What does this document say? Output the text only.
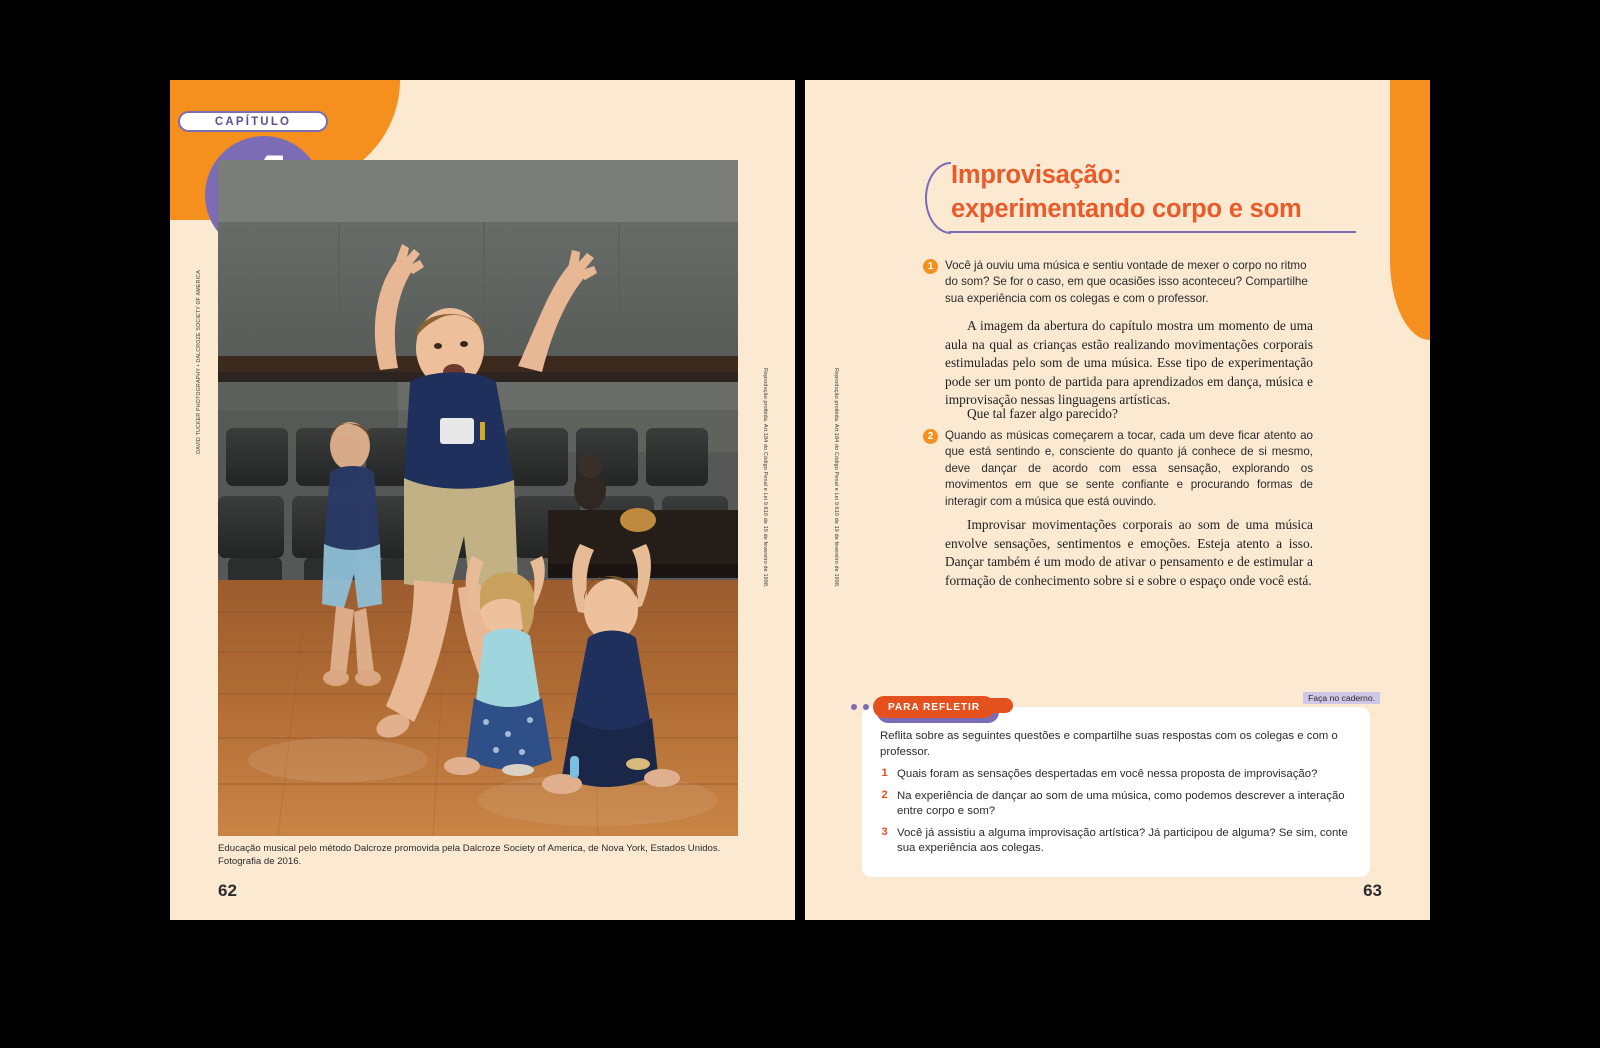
CAPÍTULO
DAVID TUCKER PHOTOGRAPHY • DALCROZE SOCIETY OF AMERICA
Educação musical pelo método Dalcroze promovida pela Dalcroze Society of America, de Nova York, Estados Unidos. Fotografia de 2016.
62
Reprodução proibida. Art.184 do Código Penal e Lei 9.610 de 19 de fevereiro de 1998.	Reprodução proibida. Art.184 do Código Penal e Lei 9.610 de 19 de fevereiro de 1998.
Improvisação:
experimentando corpo e som
1	Você já ouviu uma música e sentiu vontade de mexer o corpo no ritmo do som? Se for o caso, em que ocasiões isso aconteceu? Compartilhe sua experiência com os colegas e com o professor.
A imagem da abertura do capítulo mostra um momento de uma aula na qual as crianças estão realizando movimentações corporais estimuladas pelo som de uma música. Esse tipo de experimentação pode ser um ponto de partida para aprendizados em dança, música e improvisação nessas linguagens artísticas.
Que tal fazer algo parecido?
2	Quando as músicas começarem a tocar, cada um deve ficar atento ao que está sentindo e, consciente do quanto já conhece de si mesmo, deve dançar de acordo com essa sensação, explorando os movimentos em que se sente confiante e procurando formas de interagir com a música que está ouvindo.
Improvisar movimentações corporais ao som de uma música envolve sensações, sentimentos e emoções. Esteja atento a isso. Dançar também é um modo de ativar o pensamento e de estimular a formação de conhecimento sobre si e sobre o espaço onde você está.
Faça no caderno.
Reflita sobre as seguintes questões e compartilhe suas respostas com os colegas e com o professor.
1 Quais foram as sensações despertadas em você nessa proposta de improvisação?
2 Na experiência de dançar ao som de uma música, como podemos descrever a interação entre corpo e som?
3 Você já assistiu a alguma improvisação artística? Já participou de alguma? Se sim, conte sua experiência aos colegas.
PARA REFLETIR
63
